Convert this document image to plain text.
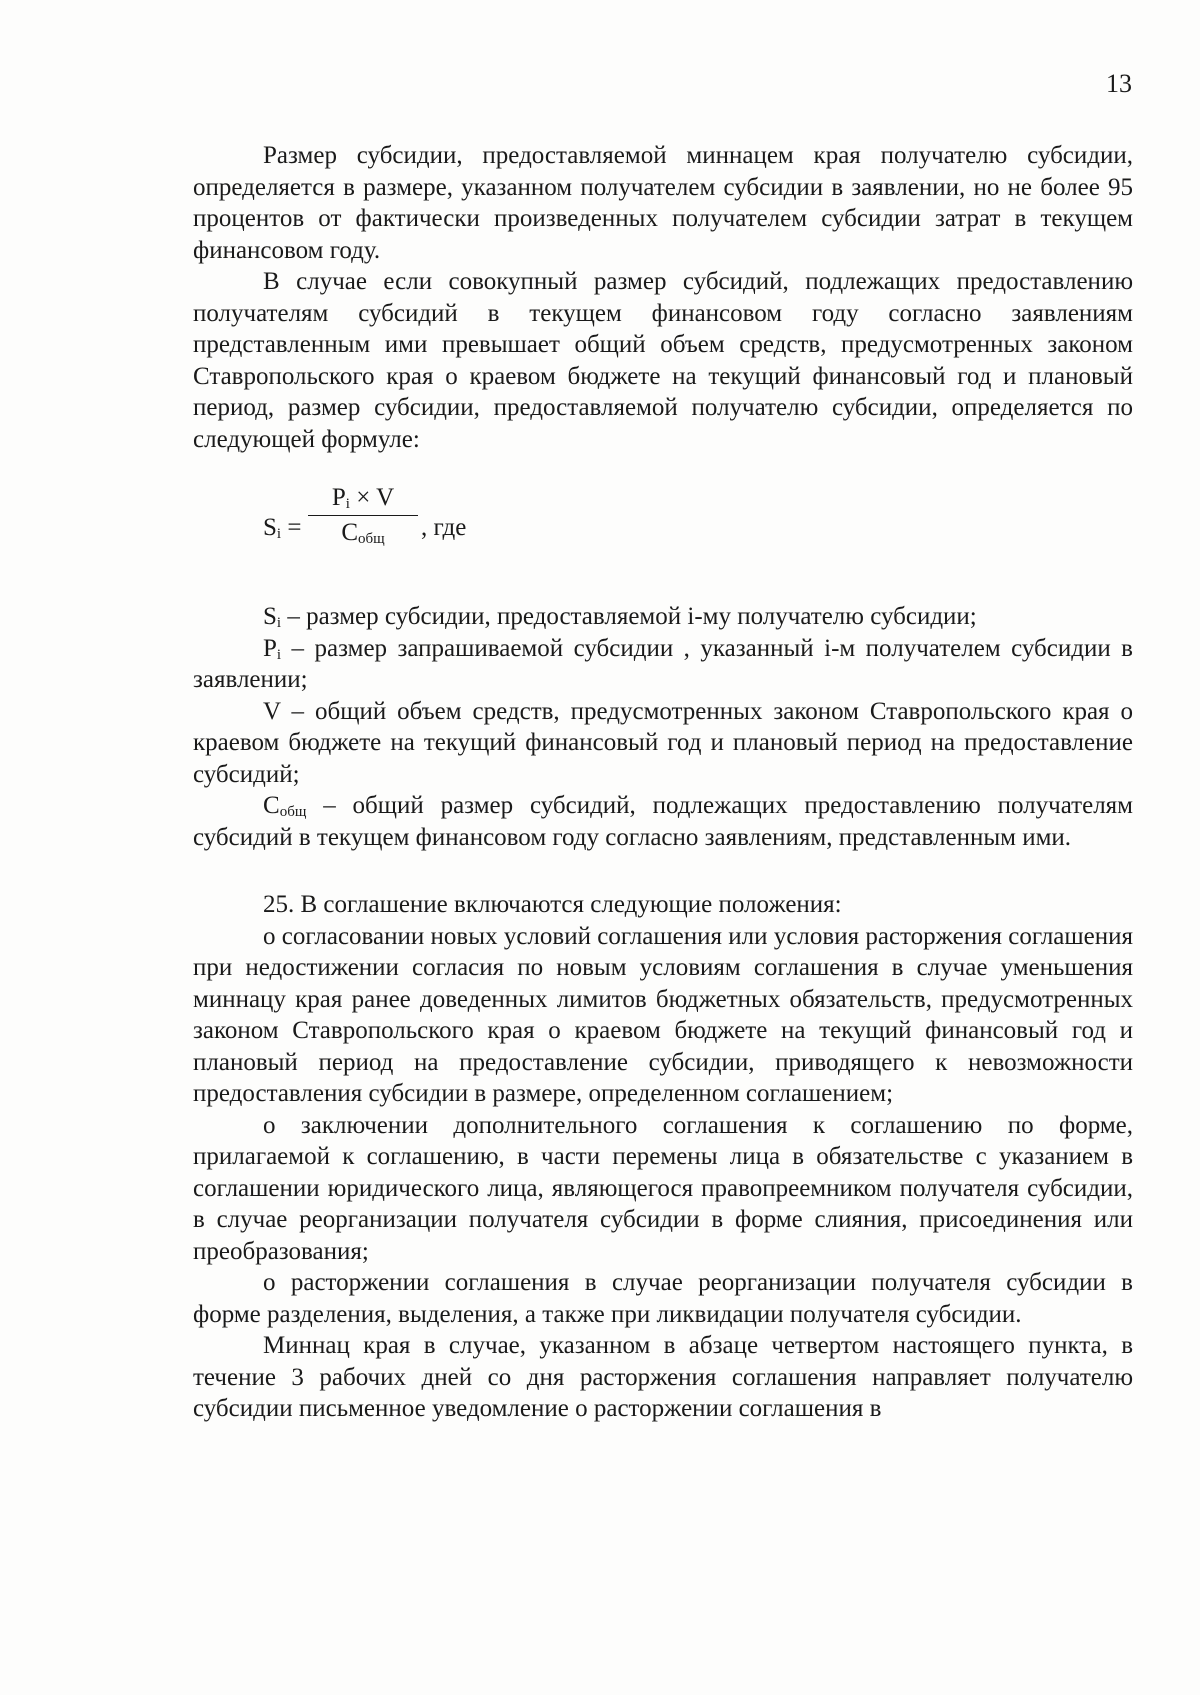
13

Размер субсидии, предоставляемой миннацем края получателю субсидии, определяется в размере, указанном получателем субсидии в заявлении, но не более 95 процентов от фактически произведенных получателем субсидии затрат в текущем финансовом году.

В случае если совокупный размер субсидий, подлежащих предоставлению получателям субсидий в текущем финансовом году согласно заявлениям представленным ими превышает общий объем средств, предусмотренных законом Ставропольского края о краевом бюджете на текущий финансовый год и плановый период, размер субсидии, предоставляемой получателю субсидии, определяется по следующей формуле:

$S_i$ =
$P_i \times V$
$C_{общ}$	, где

$S_i$ – размер субсидии, предоставляемой i-му получателю субсидии;

$P_i$ – размер запрашиваемой субсидии , указанный i-м получателем субсидии в заявлении;

V – общий объем средств, предусмотренных законом Ставропольского края о краевом бюджете на текущий финансовый год и плановый период на предоставление субсидий;

$C_{общ}$ – общий размер субсидий, подлежащих предоставлению получателям субсидий в текущем финансовом году согласно заявлениям, представленным ими.

25. В соглашение включаются следующие положения:

о согласовании новых условий соглашения или условия расторжения соглашения при недостижении согласия по новым условиям соглашения в случае уменьшения миннацу края ранее доведенных лимитов бюджетных обязательств, предусмотренных законом Ставропольского края о краевом бюджете на текущий финансовый год и плановый период на предоставление субсидии, приводящего к невозможности предоставления субсидии в размере, определенном соглашением;

о заключении дополнительного соглашения к соглашению по форме, прилагаемой к соглашению, в части перемены лица в обязательстве с указанием в соглашении юридического лица, являющегося правопреемником получателя субсидии, в случае реорганизации получателя субсидии в форме слияния, присоединения или преобразования;

о расторжении соглашения в случае реорганизации получателя субсидии в форме разделения, выделения, а также при ликвидации получателя субсидии.

Миннац края в случае, указанном в абзаце четвертом настоящего пункта, в течение 3 рабочих дней со дня расторжения соглашения направляет получателю субсидии письменное уведомление о расторжении соглашения в
